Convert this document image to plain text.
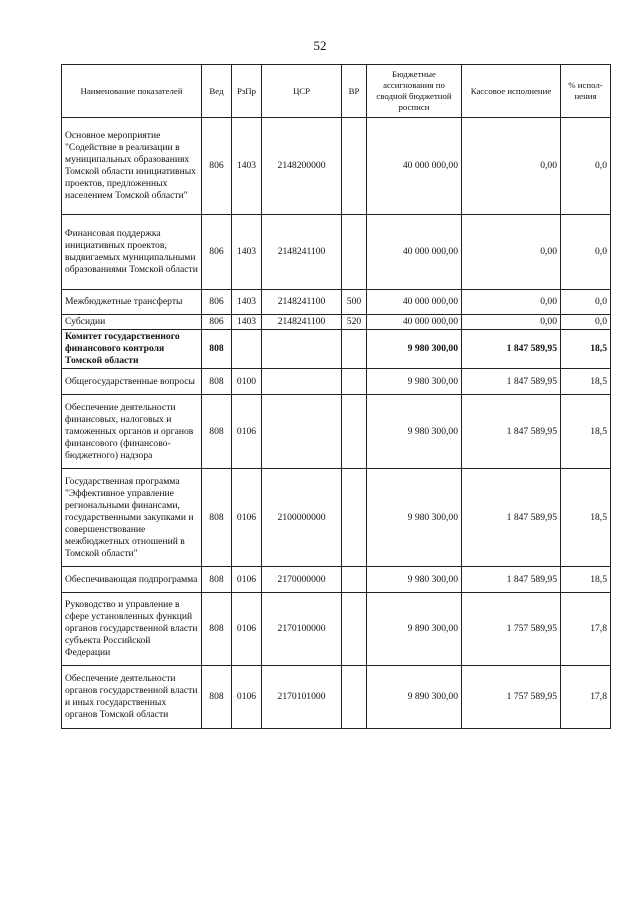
52
Наименование показателей	Вед	РзПр	ЦСР	ВР	Бюджетные ассигнования по сводной бюджетной росписи	Кассовое исполнение	% испол-нения
Основное мероприятие "Содействие в реализации в муниципальных образованиях Томской области инициативных проектов, предложенных населением Томской области"	806	1403	2148200000		40 000 000,00	0,00	0,0
Финансовая поддержка инициативных проектов, выдвигаемых муниципальными образованиями Томской области	806	1403	2148241100		40 000 000,00	0,00	0,0
Межбюджетные трансферты	806	1403	2148241100	500	40 000 000,00	0,00	0,0
Субсидии	806	1403	2148241100	520	40 000 000,00	0,00	0,0
Комитет государственного финансового контроля Томской области	808				9 980 300,00	1 847 589,95	18,5
Общегосударственные вопросы	808	0100			9 980 300,00	1 847 589,95	18,5
Обеспечение деятельности финансовых, налоговых и таможенных органов и органов финансового (финансово-бюджетного) надзора	808	0106			9 980 300,00	1 847 589,95	18,5
Государственная программа "Эффективное управление региональными финансами, государственными закупками и совершенствование межбюджетных отношений в Томской области"	808	0106	2100000000		9 980 300,00	1 847 589,95	18,5
Обеспечивающая подпрограмма	808	0106	2170000000		9 980 300,00	1 847 589,95	18,5
Руководство и управление в сфере установленных функций органов государственной власти субъекта Российской Федерации	808	0106	2170100000		9 890 300,00	1 757 589,95	17,8
Обеспечение деятельности органов государственной власти и иных государственных органов Томской области	808	0106	2170101000		9 890 300,00	1 757 589,95	17,8
